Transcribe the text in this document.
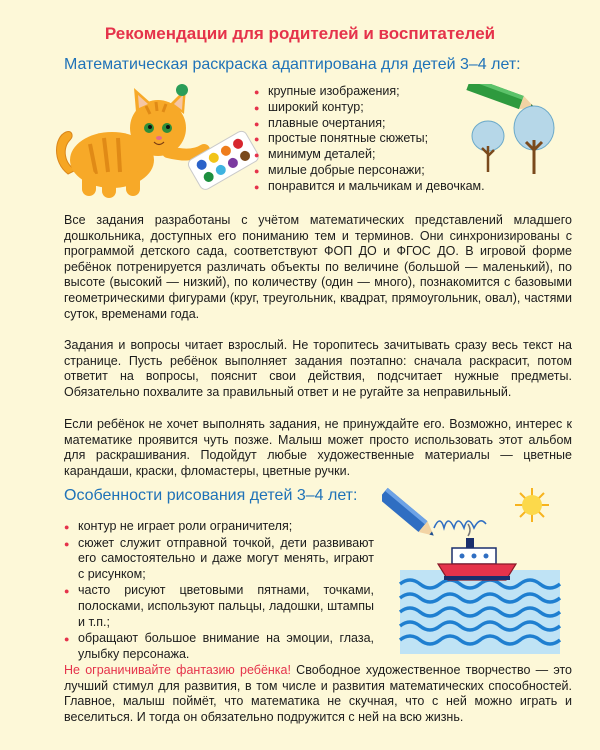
Рекомендации для родителей и воспитателей
Математическая раскраска адаптирована для детей 3–4 лет:
● крупные изображения;
● широкий контур;
● плавные очертания;
● простые понятные сюжеты;
● минимум деталей;
● милые добрые персонажи;
● понравится и мальчикам и девочкам.
Все задания разработаны с учётом математических представлений младшего дошкольника, доступных его пониманию тем и терминов. Они синхронизированы с программой детского сада, соответствуют ФОП ДО и ФГОС ДО. В игровой форме ребёнок потренируется различать объекты по величине (большой — маленький), по высоте (высокий — низкий), по количеству (один — много), познакомится с базовыми геометрическими фигурами (круг, треугольник, квадрат, прямоугольник, овал), частями суток, временами года.
Задания и вопросы читает взрослый. Не торопитесь зачитывать сразу весь текст на странице. Пусть ребёнок выполняет задания поэтапно: сначала раскрасит, потом ответит на вопросы, пояснит свои действия, подсчитает нужные предметы. Обязательно похвалите за правильный ответ и не ругайте за неправильный.
Если ребёнок не хочет выполнять задания, не принуждайте его. Возможно, интерес к математике проявится чуть позже. Малыш может просто использовать этот альбом для раскрашивания. Подойдут любые художественные материалы — цветные карандаши, краски, фломастеры, цветные ручки.
Особенности рисования детей 3–4 лет:
● контур не играет роли ограничителя;
● сюжет служит отправной точкой, дети развивают его самостоятельно и даже могут менять, играют с рисунком;
● часто рисуют цветовыми пятнами, точками, полосками, используют пальцы, ладошки, штампы и т.п.;
● обращают большое внимание на эмоции, глаза, улыбку персонажа.
Не ограничивайте фантазию ребёнка! Свободное художественное творчество — это лучший стимул для развития, в том числе и развития математических способностей. Главное, малыш поймёт, что математика не скучная, что с ней можно играть и веселиться. И тогда он обязательно подружится с ней на всю жизнь.
